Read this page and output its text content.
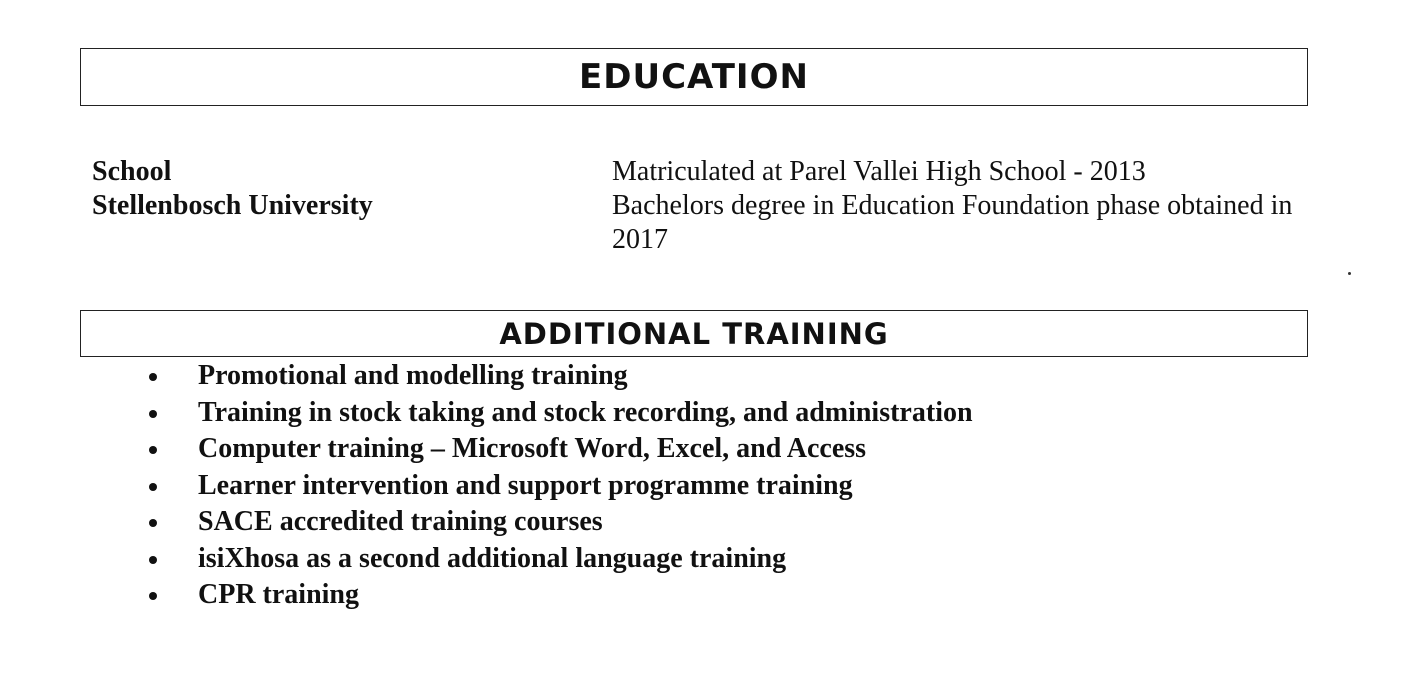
EDUCATION
School	Matriculated at Parel Vallei High School - 2013
Stellenbosch University	Bachelors degree in Education Foundation phase obtained in 2017
ADDITIONAL TRAINING
Promotional and modelling training
Training in stock taking and stock recording, and administration
Computer training – Microsoft Word, Excel, and Access
Learner intervention and support programme training
SACE accredited training courses
isiXhosa as a second additional language training
CPR training
